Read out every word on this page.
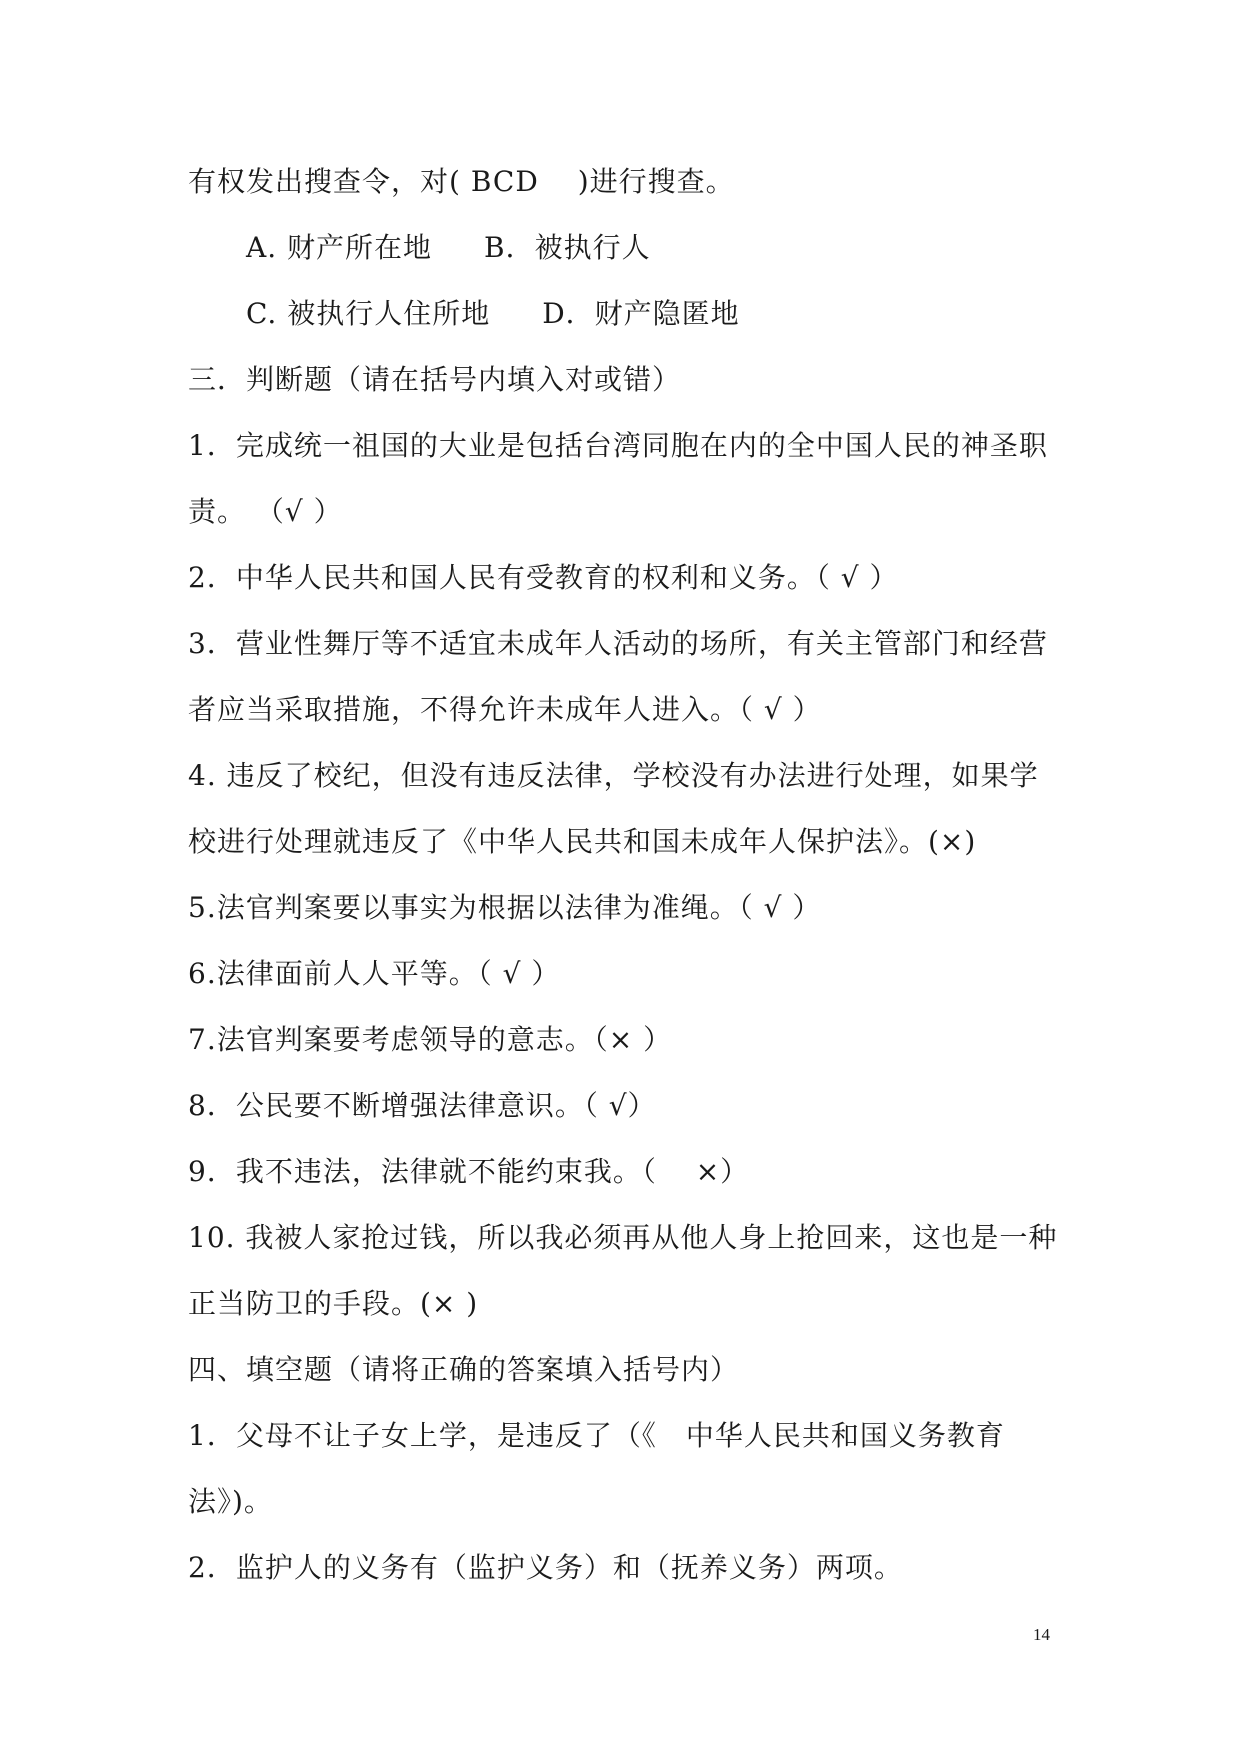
有权发出搜查令，对( BCD　 )进行搜查。
A. 财产所在地 B．被执行人
C. 被执行人住所地 D．财产隐匿地
三．判断题（请在括号内填入对或错）
1．完成统一祖国的大业是包括台湾同胞在内的全中国人民的神圣职
责。 （√ ）
2．中华人民共和国人民有受教育的权利和义务。（ √ ）
3．营业性舞厅等不适宜未成年人活动的场所，有关主管部门和经营
者应当采取措施，不得允许未成年人进入。（ √ ）
4. 违反了校纪，但没有违反法律，学校没有办法进行处理，如果学
校进行处理就违反了《中华人民共和国未成年人保护法》。(×)
5.法官判案要以事实为根据以法律为准绳。（ √ ）
6.法律面前人人平等。（ √ ）
7.法官判案要考虑领导的意志。（× ）
8．公民要不断增强法律意识。（ √）
9．我不违法，法律就不能约束我。（　 ×）
10. 我被人家抢过钱，所以我必须再从他人身上抢回来，这也是一种
正当防卫的手段。(× )
四、填空题（请将正确的答案填入括号内）
1．父母不让子女上学，是违反了（《　中华人民共和国义务教育
法》)。
2．监护人的义务有（监护义务）和（抚养义务）两项。
14
